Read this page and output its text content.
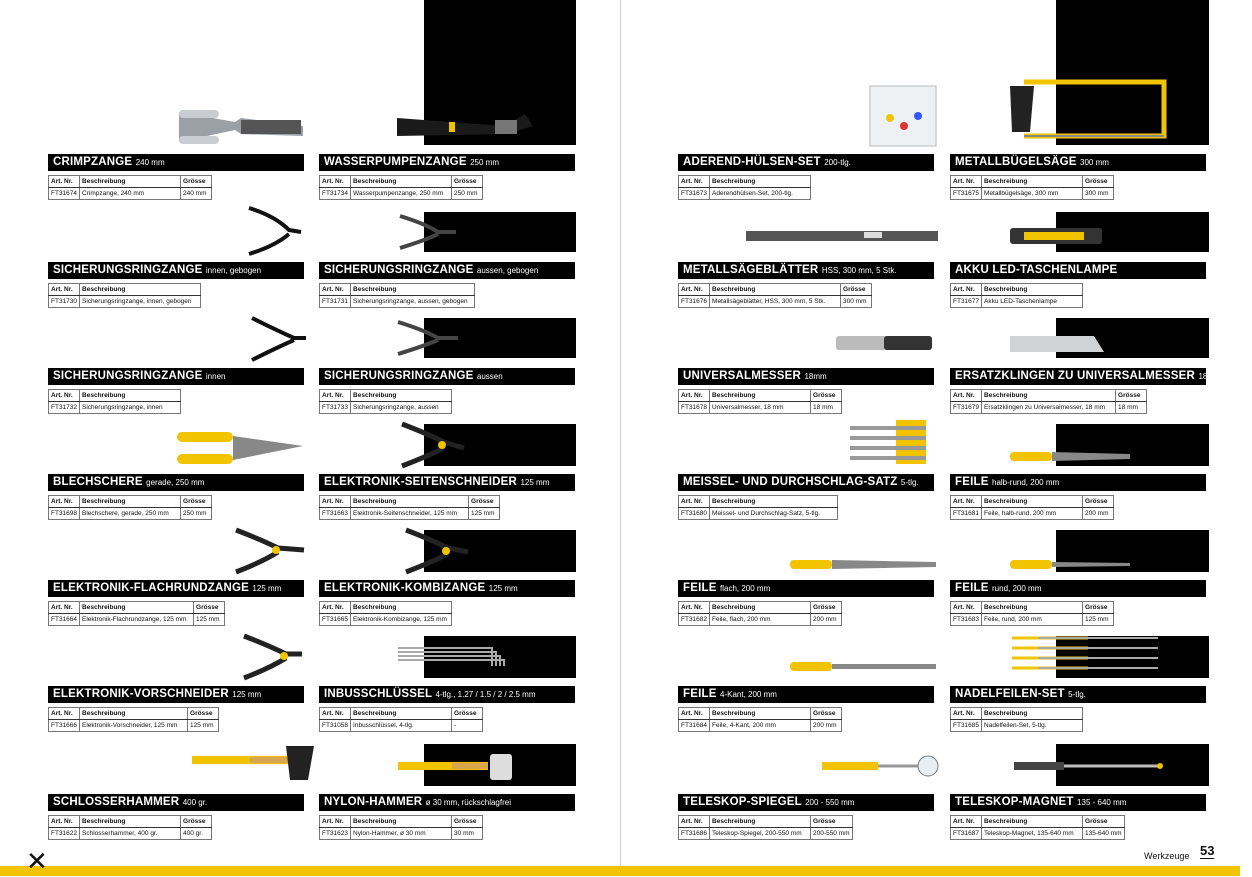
CRIMPZANGE 240 mm
Art. Nr.	Beschreibung	Grösse
FT31674	Crimpzange, 240 mm	240 mm
WASSERPUMPENZANGE 250 mm
Art. Nr.	Beschreibung	Grösse
FT31734	Wasserpumpenzange, 250 mm	250 mm
SICHERUNGSRINGZANGE innen, gebogen
Art. Nr.	Beschreibung
FT31730	Sicherungsringzange, innen, gebogen
SICHERUNGSRINGZANGE aussen, gebogen
Art. Nr.	Beschreibung
FT31731	Sicherungsringzange, aussen, gebogen
SICHERUNGSRINGZANGE innen
Art. Nr.	Beschreibung
FT31732	Sicherungsringzange, innen
SICHERUNGSRINGZANGE aussen
Art. Nr.	Beschreibung
FT31733	Sicherungsringzange, aussen
BLECHSCHERE gerade, 250 mm
Art. Nr.	Beschreibung	Grösse
FT31698	Blechschere, gerade, 250 mm	250 mm
ELEKTRONIK-SEITENSCHNEIDER 125 mm
Art. Nr.	Beschreibung	Grösse
FT31663	Elektronik-Seitenschneider, 125 mm	125 mm
ELEKTRONIK-FLACHRUNDZANGE 125 mm
Art. Nr.	Beschreibung	Grösse
FT31664	Elektronik-Flachrundzange, 125 mm	125 mm
ELEKTRONIK-KOMBIZANGE 125 mm
Art. Nr.	Beschreibung
FT31665	Elektronik-Kombizange, 125 mm
ELEKTRONIK-VORSCHNEIDER 125 mm
Art. Nr.	Beschreibung	Grösse
FT31666	Elektronik-Vorschneider, 125 mm	125 mm
INBUSSCHLÜSSEL 4-tlg., 1.27 / 1.5 / 2 / 2.5 mm
Art. Nr.	Beschreibung	Grösse
FT31058	Inbusschlüssel, 4-tlg.	-
SCHLOSSERHAMMER 400 gr.
Art. Nr.	Beschreibung	Grösse
FT31622	Schlosserhammer, 400 gr.	400 gr.
NYLON-HAMMER ø 30 mm, rückschlagfrei
Art. Nr.	Beschreibung	Grösse
FT31623	Nylon-Hammer, ø 30 mm	30 mm
ADEREND-HÜLSEN-SET 200-tlg.
Art. Nr.	Beschreibung
FT31673	Aderendhülsen-Set, 200-tlg.
METALLBÜGELSÄGE 300 mm
Art. Nr.	Beschreibung	Grösse
FT31675	Metallbügelsäge, 300 mm	300 mm
METALLSÄGEBLÄTTER HSS, 300 mm, 5 Stk.
Art. Nr.	Beschreibung	Grösse
FT31676	Metallsägeblätter, HSS, 300 mm, 5 Stk.	300 mm
AKKU LED-TASCHENLAMPE
Art. Nr.	Beschreibung
FT31677	Akku LED-Taschenlampe
UNIVERSALMESSER 18mm
Art. Nr.	Beschreibung	Grösse
FT31678	Universalmesser, 18 mm	18 mm
ERSATZKLINGEN ZU UNIVERSALMESSER 18 mm, 10 Stk.
Art. Nr.	Beschreibung	Grösse
FT31679	Ersatzklingen zu Universalmesser, 18 mm	18 mm
MEISSEL- UND DURCHSCHLAG-SATZ 5-tlg.
Art. Nr.	Beschreibung
FT31680	Meissel- und Durchschlag-Satz, 5-tlg.
FEILE halb-rund, 200 mm
Art. Nr.	Beschreibung	Grösse
FT31681	Feile, halb-rund, 200 mm	200 mm
FEILE flach, 200 mm
Art. Nr.	Beschreibung	Grösse
FT31682	Feile, flach, 200 mm	200 mm
FEILE rund, 200 mm
Art. Nr.	Beschreibung	Grösse
FT31683	Feile, rund, 200 mm	125 mm
FEILE 4-Kant, 200 mm
Art. Nr.	Beschreibung	Grösse
FT31684	Feile, 4-Kant, 200 mm	200 mm
NADELFEILEN-SET 5-tlg.
Art. Nr.	Beschreibung
FT31685	Nadelfeilen-Set, 5-tlg.
TELESKOP-SPIEGEL 200 - 550 mm
Art. Nr.	Beschreibung	Grösse
FT31686	Teleskop-Spiegel, 200-550 mm	200-550 mm
TELESKOP-MAGNET 135 - 640 mm
Art. Nr.	Beschreibung	Grösse
FT31687	Teleskop-Magnet, 135-640 mm	135-640 mm
✕	Werkzeuge 53
